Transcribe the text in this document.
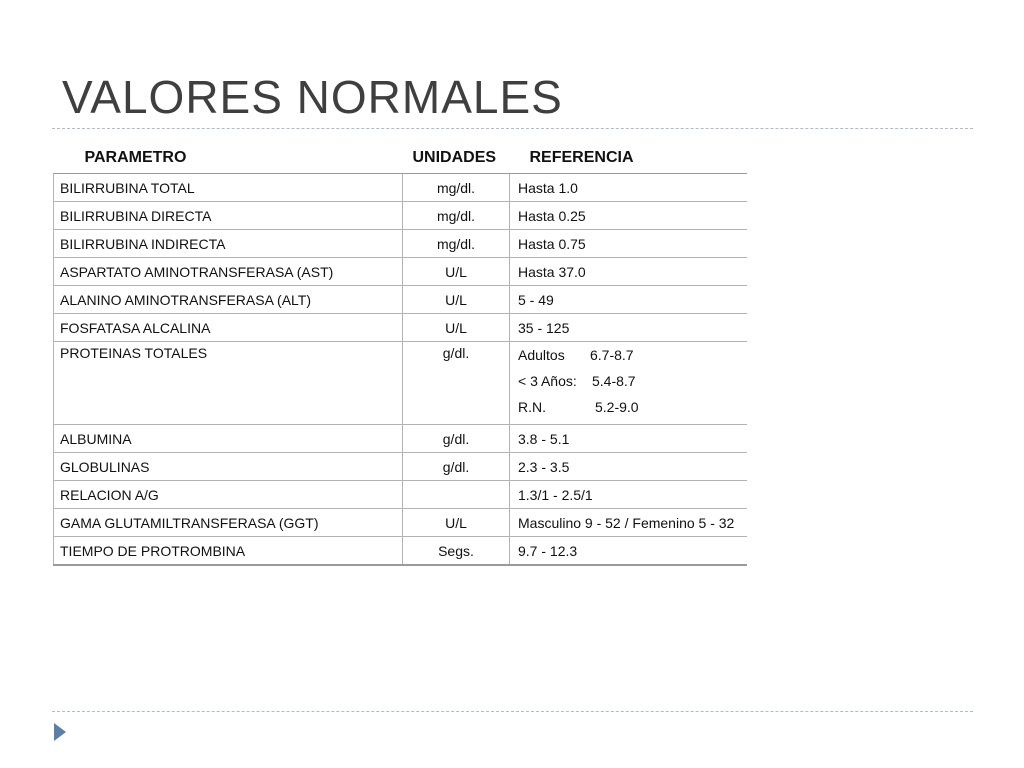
VALORES NORMALES
PARAMETRO	UNIDADES	REFERENCIA
BILIRRUBINA TOTAL	mg/dl.	Hasta 1.0
BILIRRUBINA DIRECTA	mg/dl.	Hasta 0.25
BILIRRUBINA INDIRECTA	mg/dl.	Hasta 0.75
ASPARTATO AMINOTRANSFERASA (AST)	U/L	Hasta 37.0
ALANINO AMINOTRANSFERASA (ALT)	U/L	5 - 49
FOSFATASA ALCALINA	U/L	35 - 125
PROTEINAS TOTALES	g/dl.	Adultos 6.7-8.7
< 3 Años: 5.4-8.7
R.N. 5.2-9.0

ALBUMINA	g/dl.	3.8 - 5.1
GLOBULINAS	g/dl.	2.3 - 3.5
RELACION A/G		1.3/1 - 2.5/1
GAMA GLUTAMILTRANSFERASA (GGT)	U/L	Masculino 9 - 52 / Femenino 5 - 32
TIEMPO DE PROTROMBINA	Segs.	9.7 - 12.3
